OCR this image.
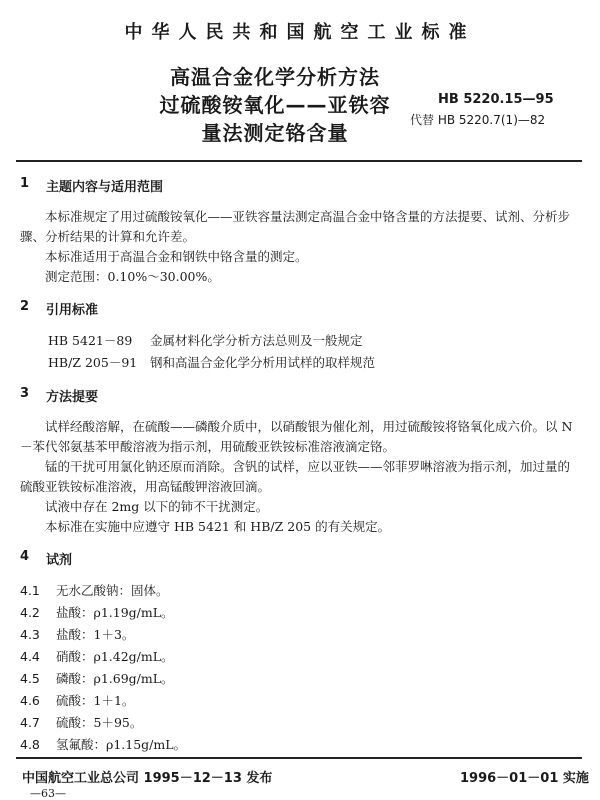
中华人民共和国航空工业标准
高温合金化学分析方法
过硫酸铵氧化——亚铁容
量法测定铬含量
HB 5220.15—95
代替 HB 5220.7(1)—82
1	主题内容与适用范围

本标准规定了用过硫酸铵氧化——亚铁容量法测定高温合金中铬含量的方法提要、试剂、分析步骤、分析结果的计算和允许差。

本标准适用于高温合金和钢铁中铬含量的测定。

测定范围：0.10%～30.00%。

2	引用标准
HB 5421－89 金属材料化学分析方法总则及一般规定
HB/Z 205－91 钢和高温合金化学分析用试样的取样规范
3	方法提要

试样经酸溶解，在硫酸——磷酸介质中，以硝酸银为催化剂，用过硫酸铵将铬氧化成六价。以 N－苯代邻氨基苯甲酸溶液为指示剂，用硫酸亚铁铵标准溶液滴定铬。

锰的干扰可用氯化钠还原而消除。含钒的试样，应以亚铁——邻菲罗啉溶液为指示剂，加过量的硫酸亚铁铵标准溶液，用高锰酸钾溶液回滴。

试液中存在 2mg 以下的铈不干扰测定。

本标准在实施中应遵守 HB 5421 和 HB/Z 205 的有关规定。

4	试剂
4.1	无水乙酸钠：固体。
4.2	盐酸：ρ1.19g/mL。
4.3	盐酸：1＋3。
4.4	硝酸：ρ1.42g/mL。
4.5	磷酸：ρ1.69g/mL。
4.6	硫酸：1＋1。
4.7	硫酸：5＋95。
4.8	氢氟酸：ρ1.15g/mL。
中国航空工业总公司 1995－12－13 发布	1996－01－01 实施
—63—
